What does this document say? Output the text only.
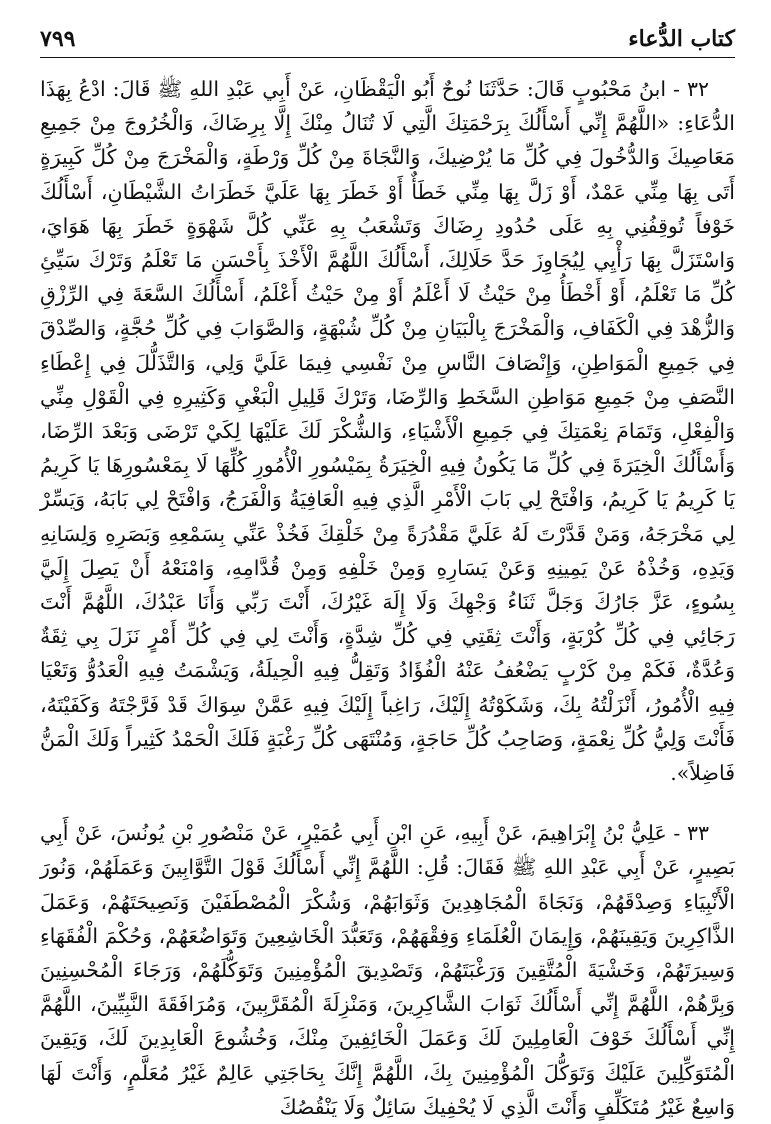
٧٩٩	كتاب الدُّعاء

٣٢ - ابنُ مَحْبُوبٍ قَالَ: حَدَّثَنَا نُوحٌ أَبُو الْيَقْظَانِ، عَنْ أَبِي عَبْدِ اللهِ ﷺ قَالَ: ادْعُ بِهَذَا الدُّعَاءِ: «اللَّهُمَّ إِنِّي أَسْأَلُكَ بِرَحْمَتِكَ الَّتِي لَا تُنَالُ مِنْكَ إِلَّا بِرِضَاكَ، وَالْخُرُوجَ مِنْ جَمِيعِ مَعَاصِيكَ وَالدُّخُولَ فِي كُلِّ مَا يُرْضِيكَ، وَالنَّجَاةَ مِنْ كُلِّ وَرْطَةٍ، وَالْمَخْرَجَ مِنْ كُلِّ كَبِيرَةٍ أَتَى بِهَا مِنِّي عَمْدٌ، أَوْ زَلَّ بِهَا مِنِّي خَطَأٌ أَوْ خَطَرَ بِهَا عَلَيَّ خَطَرَاتُ الشَّيْطَانِ، أَسْأَلُكَ خَوْفاً تُوقِفُنِي بِهِ عَلَى حُدُودِ رِضَاكَ وَتَشْعَبُ بِهِ عَنِّي كُلَّ شَهْوَةٍ خَطَرَ بِهَا هَوَايَ، وَاسْتَزَلَّ بِهَا رَأْيِي لِيُجَاوِزَ حَدَّ حَلَالِكَ، أَسْأَلُكَ اللَّهُمَّ الْأَخْذَ بِأَحْسَنِ مَا تَعْلَمُ وَتَرْكَ سَيِّئِ كُلِّ مَا تَعْلَمُ، أَوْ أَخْطَأُ مِنْ حَيْثُ لَا أَعْلَمُ أَوْ مِنْ حَيْثُ أَعْلَمُ، أَسْأَلُكَ السَّعَةَ فِي الرِّزْقِ وَالزُّهْدَ فِي الْكَفَافِ، وَالْمَخْرَجَ بِالْبَيَانِ مِنْ كُلِّ شُبْهَةٍ، وَالصَّوَابَ فِي كُلِّ حُجَّةٍ، وَالصِّدْقَ فِي جَمِيعِ الْمَوَاطِنِ، وَإِنْصَافَ النَّاسِ مِنْ نَفْسِي فِيمَا عَلَيَّ وَلِي، وَالتَّذَلُّلَ فِي إِعْطَاءِ النَّصَفِ مِنْ جَمِيعِ مَوَاطِنِ السَّخَطِ وَالرِّضَا، وَتَرْكَ قَلِيلِ الْبَغْيِ وَكَثِيرِهِ فِي الْقَوْلِ مِنِّي وَالْفِعْلِ، وَتَمَامَ نِعْمَتِكَ فِي جَمِيعِ الْأَشْيَاءِ، وَالشُّكْرَ لَكَ عَلَيْهَا لِكَيْ تَرْضَى وَبَعْدَ الرِّضَا، وَأَسْأَلُكَ الْخِيَرَةَ فِي كُلِّ مَا يَكُونُ فِيهِ الْخِيَرَةُ بِمَيْسُورِ الْأُمُورِ كُلِّهَا لَا بِمَعْسُورِهَا يَا كَرِيمُ يَا كَرِيمُ يَا كَرِيمُ، وَافْتَحْ لِي بَابَ الْأَمْرِ الَّذِي فِيهِ الْعَافِيَةُ وَالْفَرَجُ، وَافْتَحْ لِي بَابَهُ، وَيَسِّرْ لِي مَخْرَجَهُ، وَمَنْ قَدَّرْتَ لَهُ عَلَيَّ مَقْدُرَةً مِنْ خَلْقِكَ فَخُذْ عَنِّي بِسَمْعِهِ وَبَصَرِهِ وَلِسَانِهِ وَيَدِهِ، وَخُذْهُ عَنْ يَمِينِهِ وَعَنْ يَسَارِهِ وَمِنْ خَلْفِهِ وَمِنْ قُدَّامِهِ، وَامْنَعْهُ أَنْ يَصِلَ إِلَيَّ بِسُوءٍ، عَزَّ جَارُكَ وَجَلَّ ثَنَاءُ وَجْهِكَ وَلَا إِلَهَ غَيْرُكَ، أَنْتَ رَبِّي وَأَنَا عَبْدُكَ، اللَّهُمَّ أَنْتَ رَجَائِي فِي كُلِّ كُرْبَةٍ، وَأَنْتَ ثِقَتِي فِي كُلِّ شِدَّةٍ، وَأَنْتَ لِي فِي كُلِّ أَمْرٍ نَزَلَ بِي ثِقَةٌ وَعُدَّةٌ، فَكَمْ مِنْ كَرْبٍ يَضْعُفُ عَنْهُ الْفُؤَادُ وَتَقِلُّ فِيهِ الْحِيلَةُ، وَيَشْمَتُ فِيهِ الْعَدُوُّ وَتَعْيَا فِيهِ الْأُمُورُ، أَنْزَلْتُهُ بِكَ، وَشَكَوْتُهُ إِلَيْكَ، رَاغِباً إِلَيْكَ فِيهِ عَمَّنْ سِوَاكَ قَدْ فَرَّجْتَهُ وَكَفَيْتَهُ، فَأَنْتَ وَلِيُّ كُلِّ نِعْمَةٍ، وَصَاحِبُ كُلِّ حَاجَةٍ، وَمُنْتَهَى كُلِّ رَغْبَةٍ فَلَكَ الْحَمْدُ كَثِيراً وَلَكَ الْمَنُّ فَاضِلاً».

٣٣ - عَلِيُّ بْنُ إِبْرَاهِيمَ، عَنْ أَبِيهِ، عَنِ ابْنِ أَبِي عُمَيْرٍ، عَنْ مَنْصُورِ بْنِ يُونُسَ، عَنْ أَبِي بَصِيرٍ، عَنْ أَبِي عَبْدِ اللهِ ﷺ فَقَالَ: قُلِ: اللَّهُمَّ إِنِّي أَسْأَلُكَ قَوْلَ التَّوَّابِينَ وَعَمَلَهُمْ، وَنُورَ الْأَنْبِيَاءِ وَصِدْقَهُمْ، وَنَجَاةَ الْمُجَاهِدِينَ وَثَوَابَهُمْ، وَشُكْرَ الْمُصْطَفَيْنَ وَنَصِيحَتَهُمْ، وَعَمَلَ الذَّاكِرِينَ وَيَقِينَهُمْ، وَإِيمَانَ الْعُلَمَاءِ وَفِقْهَهُمْ، وَتَعَبُّدَ الْخَاشِعِينَ وَتَوَاضُعَهُمْ، وَحُكْمَ الْفُقَهَاءِ وَسِيرَتَهُمْ، وَخَشْيَةَ الْمُتَّقِينَ وَرَغْبَتَهُمْ، وَتَصْدِيقَ الْمُؤْمِنِينَ وَتَوَكُّلَهُمْ، وَرَجَاءَ الْمُحْسِنِينَ وَبِرَّهُمْ، اللَّهُمَّ إِنِّي أَسْأَلُكَ ثَوَابَ الشَّاكِرِينَ، وَمَنْزِلَةَ الْمُقَرَّبِينَ، وَمُرَافَقَةَ النَّبِيِّينَ، اللَّهُمَّ إِنِّي أَسْأَلُكَ خَوْفَ الْعَامِلِينَ لَكَ وَعَمَلَ الْخَائِفِينَ مِنْكَ، وَخُشُوعَ الْعَابِدِينَ لَكَ، وَيَقِينَ الْمُتَوَكِّلِينَ عَلَيْكَ وَتَوَكُّلَ الْمُؤْمِنِينَ بِكَ، اللَّهُمَّ إِنَّكَ بِحَاجَتِي عَالِمٌ غَيْرُ مُعَلَّمٍ، وَأَنْتَ لَهَا وَاسِعٌ غَيْرُ مُتَكَلِّفٍ وَأَنْتَ الَّذِي لَا يُحْفِيكَ سَائِلٌ وَلَا يَنْقُصُكَ
